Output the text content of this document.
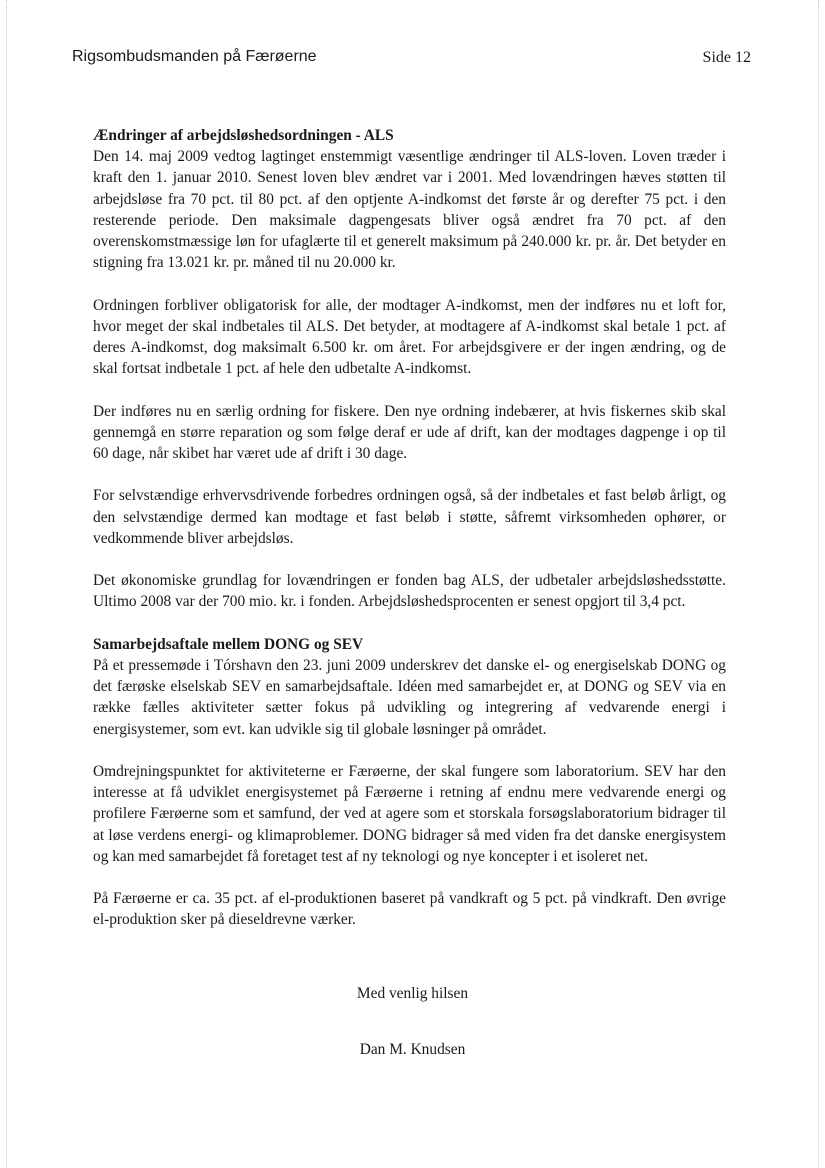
Rigsombudsmanden på Færøerne	Side 12

Ændringer af arbejdsløshedsordningen - ALS

Den 14. maj 2009 vedtog lagtinget enstemmigt væsentlige ændringer til ALS-loven. Loven træder i kraft den 1. januar 2010. Senest loven blev ændret var i 2001. Med lovændringen hæves støtten til arbejdsløse fra 70 pct. til 80 pct. af den optjente A-indkomst det første år og derefter 75 pct. i den resterende periode. Den maksimale dagpengesats bliver også ændret fra 70 pct. af den overenskomstmæssige løn for ufaglærte til et generelt maksimum på 240.000 kr. pr. år. Det betyder en stigning fra 13.021 kr. pr. måned til nu 20.000 kr.

Ordningen forbliver obligatorisk for alle, der modtager A-indkomst, men der indføres nu et loft for, hvor meget der skal indbetales til ALS. Det betyder, at modtagere af A-indkomst skal betale 1 pct. af deres A-indkomst, dog maksimalt 6.500 kr. om året. For arbejdsgivere er der ingen ændring, og de skal fortsat indbetale 1 pct. af hele den udbetalte A-indkomst.

Der indføres nu en særlig ordning for fiskere. Den nye ordning indebærer, at hvis fiskernes skib skal gennemgå en større reparation og som følge deraf er ude af drift, kan der modtages dagpenge i op til 60 dage, når skibet har været ude af drift i 30 dage.

For selvstændige erhvervsdrivende forbedres ordningen også, så der indbetales et fast beløb årligt, og den selvstændige dermed kan modtage et fast beløb i støtte, såfremt virksomheden ophører, or vedkommende bliver arbejdsløs.

Det økonomiske grundlag for lovændringen er fonden bag ALS, der udbetaler arbejdsløshedsstøtte. Ultimo 2008 var der 700 mio. kr. i fonden. Arbejdsløshedsprocenten er senest opgjort til 3,4 pct.

Samarbejdsaftale mellem DONG og SEV

På et pressemøde i Tórshavn den 23. juni 2009 underskrev det danske el- og energiselskab DONG og det færøske elselskab SEV en samarbejdsaftale. Idéen med samarbejdet er, at DONG og SEV via en række fælles aktiviteter sætter fokus på udvikling og integrering af vedvarende energi i energisystemer, som evt. kan udvikle sig til globale løsninger på området.

Omdrejningspunktet for aktiviteterne er Færøerne, der skal fungere som laboratorium. SEV har den interesse at få udviklet energisystemet på Færøerne i retning af endnu mere vedvarende energi og profilere Færøerne som et samfund, der ved at agere som et storskala forsøgslaboratorium bidrager til at løse verdens energi- og klimaproblemer. DONG bidrager så med viden fra det danske energisystem og kan med samarbejdet få foretaget test af ny teknologi og nye koncepter i et isoleret net.

På Færøerne er ca. 35 pct. af el-produktionen baseret på vandkraft og 5 pct. på vindkraft. Den øvrige el-produktion sker på dieseldrevne værker.

Med venlig hilsen
Dan M. Knudsen
